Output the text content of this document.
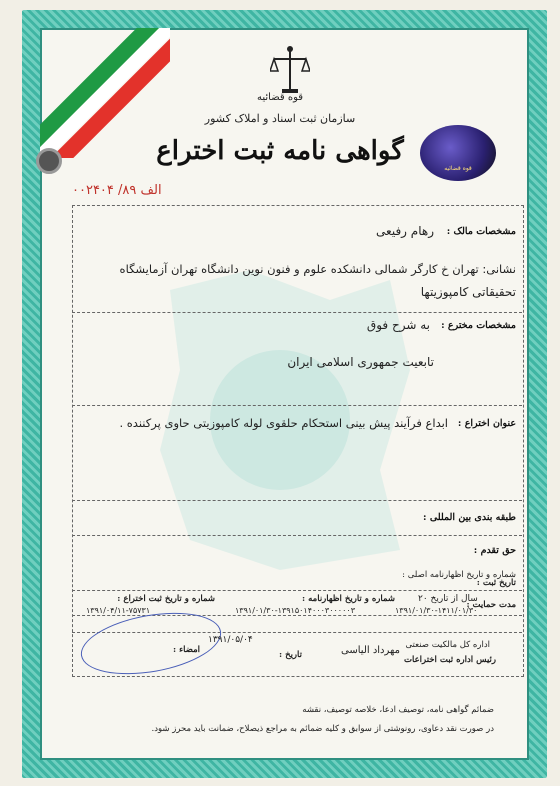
قوه قضائیه
سازمان ثبت اسناد و املاک کشور
گواهی نامه ثبت اختراع
الف ۸۹/ ۰۰۲۴۰۴
قوه قضائیه
مشخصات مالک :
رهام رفیعی
نشانی: تهران خ کارگر شمالی دانشکده علوم و فنون نوین دانشگاه تهران آزمایشگاه
تحقیقاتی کامپوزیتها
مشخصات مخترع :
به شرح فوق
تابعیت جمهوری اسلامی ایران
عنوان اختراع :
ابداع فرآیند پیش بینی استحکام حلقوی لوله کامپوزیتی حاوی پرکننده .
طبقه بندی بین المللی :
حق تقدم :
شماره و تاریخ اظهارنامه اصلی :
تاریخ ثبت :
مدت حمایت :
۲۰ سال از تاریخ
۱۳۹۱/۰۱/۳۰-۱۴۱۱/۰۱/۳۰
شماره و تاریخ اظهارنامه :
۱۳۹۱/۰۱/۳۰-۱۳۹۱۵۰۱۴۰۰۰۳۰۰۰۰۰۳
شماره و تاریخ ثبت اختراع :
۱۳۹۱/۰۴/۱۱-۷۵۷۳۱
امضاء :	تاریخ :
۱۳۹۱/۰۵/۰۴
مهرداد الیاسی اداره کل مالکیت صنعتی
رئیس اداره ثبت اختراعات
ضمائم گواهی نامه، توصیف ادعا، خلاصه توصیف، نقشه
در صورت نقد دعاوی، رونوشتی از سوابق و کلیه ضمائم به مراجع ذیصلاح، ضمانت باید محرز شود.
